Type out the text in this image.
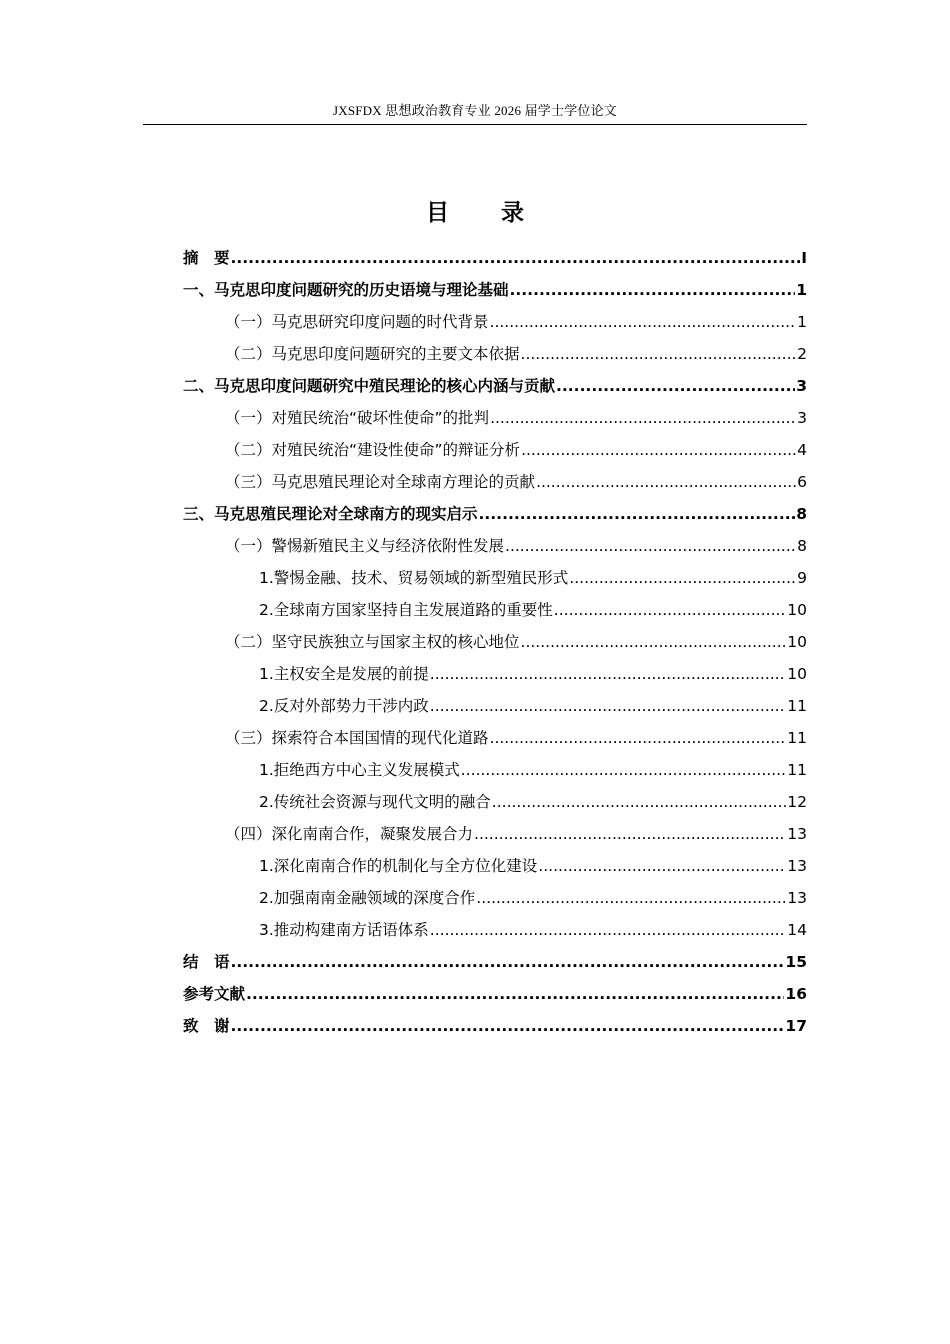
JXSFDX 思想政治教育专业 2026 届学士学位论文
目 录
摘　要 .....	I
一、马克思印度问题研究的历史语境与理论基础 .....	1
（一）马克思研究印度问题的时代背景 .....	1
（二）马克思印度问题研究的主要文本依据 .....	2
二、马克思印度问题研究中殖民理论的核心内涵与贡献 .....	3
（一）对殖民统治“破坏性使命”的批判 .....	3
（二）对殖民统治“建设性使命”的辩证分析 .....	4
（三）马克思殖民理论对全球南方理论的贡献 .....	6
三、马克思殖民理论对全球南方的现实启示 .....	8
（一）警惕新殖民主义与经济依附性发展 .....	8
1.警惕金融、技术、贸易领域的新型殖民形式 .....	9
2.全球南方国家坚持自主发展道路的重要性 .....	10
（二）坚守民族独立与国家主权的核心地位 .....	10
1.主权安全是发展的前提 .....	10
2.反对外部势力干涉内政 .....	11
（三）探索符合本国国情的现代化道路 .....	11
1.拒绝西方中心主义发展模式 .....	11
2.传统社会资源与现代文明的融合 .....	12
（四）深化南南合作，凝聚发展合力 .....	13
1.深化南南合作的机制化与全方位化建设 .....	13
2.加强南南金融领域的深度合作 .....	13
3.推动构建南方话语体系 .....	14
结　语 .....	15
参考文献 .....	16
致　谢 .....	17
